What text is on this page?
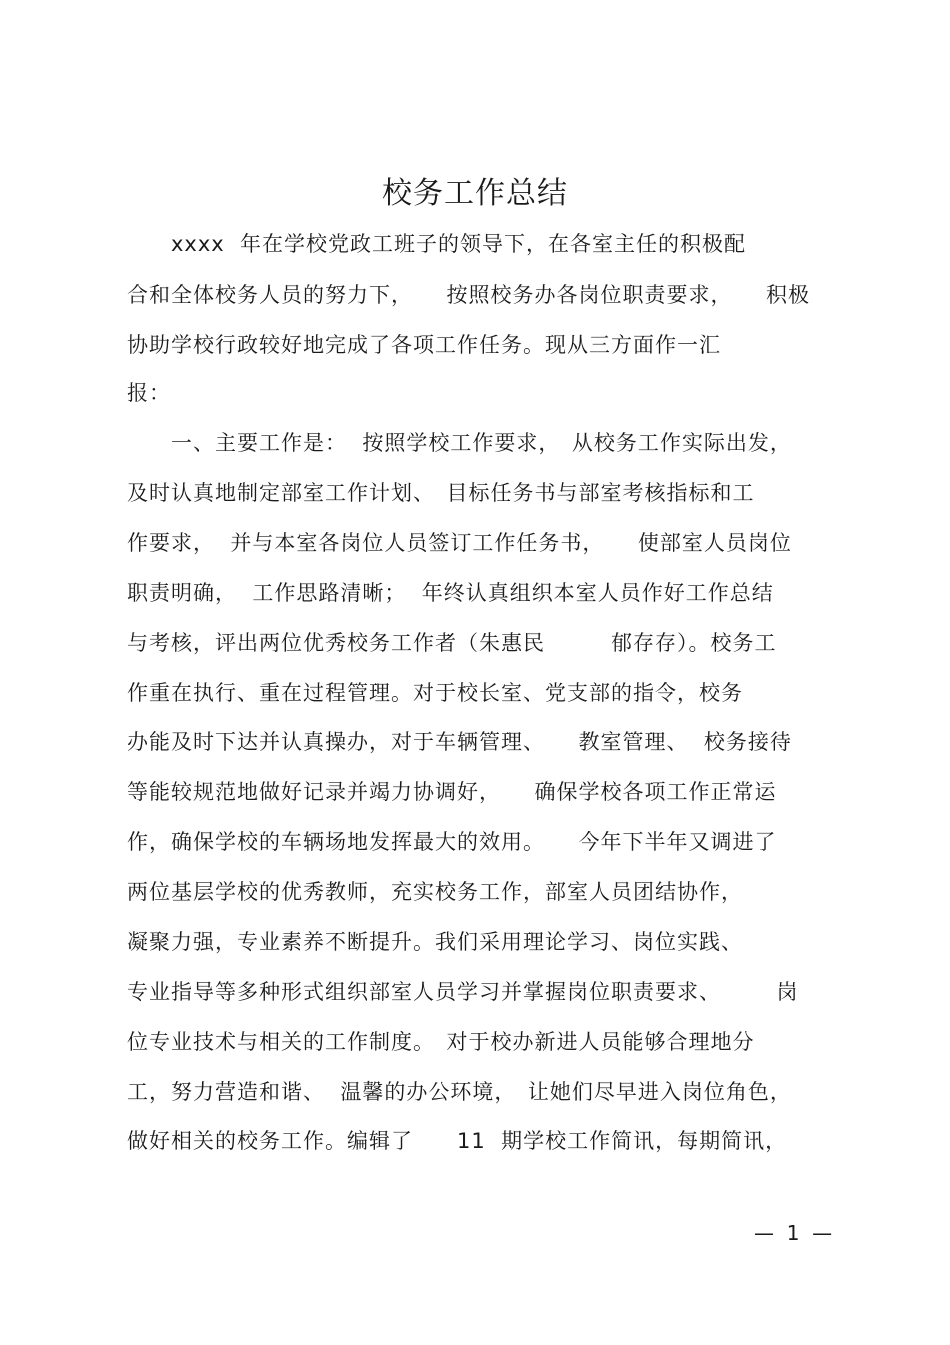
校务工作总结
　　xxxx  年在学校党政工班子的领导下，在各室主任的积极配
合和全体校务人员的努力下，　　按照校务办各岗位职责要求，　　积极
协助学校行政较好地完成了各项工作任务。现从三方面作一汇
报：
　　一、主要工作是：  按照学校工作要求，　从校务工作实际出发，
及时认真地制定部室工作计划、　目标任务书与部室考核指标和工
作要求，  并与本室各岗位人员签订工作任务书，　　使部室人员岗位
职责明确，  工作思路清晰；  年终认真组织本室人员作好工作总结
与考核，评出两位优秀校务工作者（朱惠民　　　郁存存）。校务工
作重在执行、重在过程管理。对于校长室、党支部的指令，校务
办能及时下达并认真操办，对于车辆管理、　　教室管理、  校务接待
等能较规范地做好记录并竭力协调好，　　确保学校各项工作正常运
作，确保学校的车辆场地发挥最大的效用。　　今年下半年又调进了
两位基层学校的优秀教师，充实校务工作，部室人员团结协作，
凝聚力强，专业素养不断提升。我们采用理论学习、岗位实践、
专业指导等多种形式组织部室人员学习并掌握岗位职责要求、　　　岗
位专业技术与相关的工作制度。　对于校办新进人员能够合理地分
工，努力营造和谐、  温馨的办公环境，　让她们尽早进入岗位角色，
做好相关的校务工作。编辑了　　11  期学校工作简讯，每期简讯，
—  1  —
